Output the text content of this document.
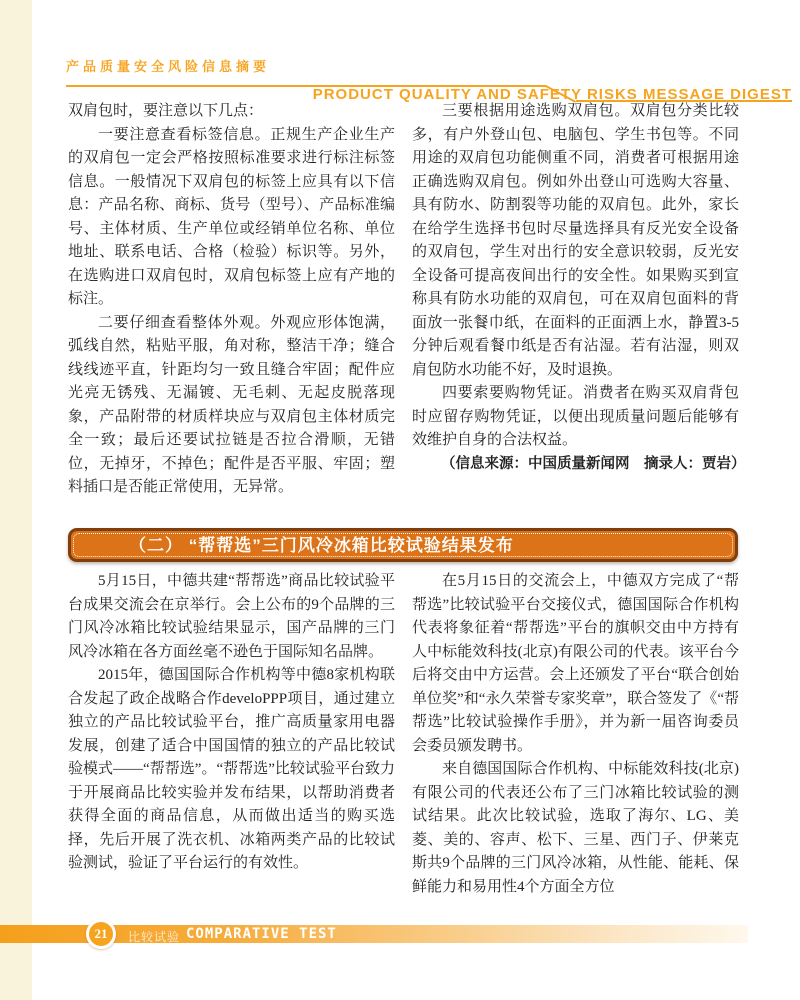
产品质量安全风险信息摘要
PRODUCT QUALITY AND SAFETY RISKS MESSAGE DIGEST

双肩包时，要注意以下几点：

一要注意查看标签信息。正规生产企业生产的双肩包一定会严格按照标准要求进行标注标签信息。一般情况下双肩包的标签上应具有以下信息：产品名称、商标、货号（型号）、产品标准编号、主体材质、生产单位或经销单位名称、单位地址、联系电话、合格（检验）标识等。另外，在选购进口双肩包时，双肩包标签上应有产地的标注。

二要仔细查看整体外观。外观应形体饱满，弧线自然，粘贴平服，角对称，整洁干净；缝合线线迹平直，针距均匀一致且缝合牢固；配件应光亮无锈残、无漏镀、无毛刺、无起皮脱落现象，产品附带的材质样块应与双肩包主体材质完全一致；最后还要试拉链是否拉合滑顺，无错位，无掉牙，不掉色；配件是否平服、牢固；塑料插口是否能正常使用，无异常。

三要根据用途选购双肩包。双肩包分类比较多，有户外登山包、电脑包、学生书包等。不同用途的双肩包功能侧重不同，消费者可根据用途正确选购双肩包。例如外出登山可选购大容量、具有防水、防割裂等功能的双肩包。此外，家长在给学生选择书包时尽量选择具有反光安全设备的双肩包，学生对出行的安全意识较弱，反光安全设备可提高夜间出行的安全性。如果购买到宣称具有防水功能的双肩包，可在双肩包面料的背面放一张餐巾纸，在面料的正面洒上水，静置3-5分钟后观看餐巾纸是否有沾湿。若有沾湿，则双肩包防水功能不好，及时退换。

四要索要购物凭证。消费者在购买双肩背包时应留存购物凭证，以便出现质量问题后能够有效维护自身的合法权益。

（信息来源：中国质量新闻网　摘录人：贾岩）

（二） “帮帮选”三门风冷冰箱比较试验结果发布

5月15日，中德共建“帮帮选”商品比较试验平台成果交流会在京举行。会上公布的9个品牌的三门风冷冰箱比较试验结果显示，国产品牌的三门风冷冰箱在各方面丝毫不逊色于国际知名品牌。

2015年，德国国际合作机构等中德8家机构联合发起了政企战略合作develoPPP项目，通过建立独立的产品比较试验平台，推广高质量家用电器发展，创建了适合中国国情的独立的产品比较试验模式——“帮帮选”。“帮帮选”比较试验平台致力于开展商品比较实验并发布结果，以帮助消费者获得全面的商品信息，从而做出适当的购买选择，先后开展了洗衣机、冰箱两类产品的比较试验测试，验证了平台运行的有效性。

在5月15日的交流会上，中德双方完成了“帮帮选”比较试验平台交接仪式，德国国际合作机构代表将象征着“帮帮选”平台的旗帜交由中方持有人中标能效科技(北京)有限公司的代表。该平台今后将交由中方运营。会上还颁发了平台“联合创始单位奖”和“永久荣誉专家奖章”，联合签发了《“帮帮选”比较试验操作手册》，并为新一届咨询委员会委员颁发聘书。

来自德国国际合作机构、中标能效科技(北京)有限公司的代表还公布了三门冰箱比较试验的测试结果。此次比较试验，选取了海尔、LG、美菱、美的、容声、松下、三星、西门子、伊莱克斯共9个品牌的三门风冷冰箱，从性能、能耗、保鲜能力和易用性4个方面全方位

21	比较试验 COMPARATIVE TEST
